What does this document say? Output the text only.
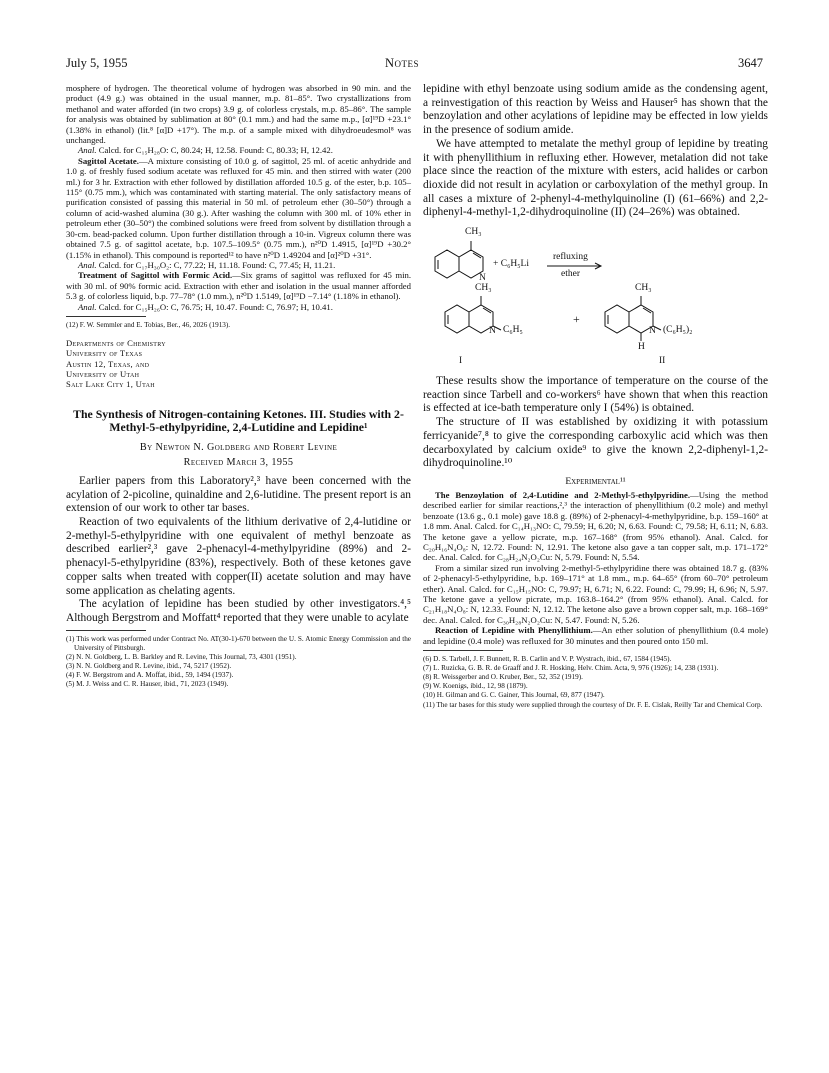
July 5, 1955	Notes	3647

mosphere of hydrogen. The theoretical volume of hydrogen was absorbed in 90 min. and the product (4.9 g.) was obtained in the usual manner, m.p. 81–85°. Two crystallizations from methanol and water afforded (in two crops) 3.9 g. of colorless crystals, m.p. 85–86°. The sample for analysis was obtained by sublimation at 80° (0.1 mm.) and had the same m.p., [α]¹⁹D +23.1° (1.38% in ethanol) (lit.⁸ [α]D +17°). The m.p. of a sample mixed with dihydroeudesmol⁸ was unchanged.

Anal. Calcd. for C₁₅H₂₈O: C, 80.24; H, 12.58. Found: C, 80.33; H, 12.42.

Sagittol Acetate.—A mixture consisting of 10.0 g. of sagittol, 25 ml. of acetic anhydride and 1.0 g. of freshly fused sodium acetate was refluxed for 45 min. and then stirred with water (200 ml.) for 3 hr. Extraction with ether followed by distillation afforded 10.5 g. of the ester, b.p. 105–115° (0.75 mm.), which was contaminated with starting material. The only satisfactory means of purification consisted of passing this material in 50 ml. of petroleum ether (30–50°) through a column of acid-washed alumina (30 g.). After washing the column with 300 ml. of 10% ether in petroleum ether (30–50°) the combined solutions were freed from solvent by distillation through a 30-cm. bead-packed column. Upon further distillation through a 10-in. Vigreux column there was obtained 7.5 g. of sagittol acetate, b.p. 107.5–109.5° (0.75 mm.), n²⁰D 1.4915, [α]¹⁹D +30.2° (1.15% in ethanol). This compound is reported¹² to have n²⁰D 1.49204 and [α]²⁰D +31°.

Anal. Calcd. for C₁₇H₃₀O₂: C, 77.22; H, 11.18. Found: C, 77.45; H, 11.21.

Treatment of Sagittol with Formic Acid.—Six grams of sagittol was refluxed for 45 min. with 30 ml. of 90% formic acid. Extraction with ether and isolation in the usual manner afforded 5.3 g. of colorless liquid, b.p. 77–78° (1.0 mm.), n²⁰D 1.5149, [α]¹⁹D −7.14° (1.18% in ethanol).

Anal. Calcd. for C₁₅H₂₆O: C, 76.75; H, 10.47. Found: C, 76.97; H, 10.41.

(12) F. W. Semmler and E. Tobias, Ber., 46, 2026 (1913).

Departments of Chemistry
University of Texas
Austin 12, Texas, and
University of Utah
Salt Lake City 1, Utah
The Synthesis of Nitrogen-containing Ketones. III. Studies with 2-Methyl-5-ethylpyridine, 2,4-Lutidine and Lepidine¹
By Newton N. Goldberg and Robert Levine
Received March 3, 1955

Earlier papers from this Laboratory²,³ have been concerned with the acylation of 2-picoline, quinaldine and 2,6-lutidine. The present report is an extension of our work to other tar bases.

Reaction of two equivalents of the lithium derivative of 2,4-lutidine or 2-methyl-5-ethylpyridine with one equivalent of methyl benzoate as described earlier²,³ gave 2-phenacyl-4-methylpyridine (89%) and 2-phenacyl-5-ethylpyridine (83%), respectively. Both of these ketones gave copper salts when treated with copper(II) acetate solution and may have some application as chelating agents.

The acylation of lepidine has been studied by other investigators.⁴,⁵ Although Bergstrom and Moffatt⁴ reported that they were unable to acylate

(1) This work was performed under Contract No. AT(30-1)-670 between the U. S. Atomic Energy Commission and the University of Pittsburgh.

(2) N. N. Goldberg, L. B. Barkley and R. Levine, This Journal, 73, 4301 (1951).

(3) N. N. Goldberg and R. Levine, ibid., 74, 5217 (1952).

(4) F. W. Bergstrom and A. Moffat, ibid., 59, 1494 (1937).

(5) M. J. Weiss and C. R. Hauser, ibid., 71, 2023 (1949).

lepidine with ethyl benzoate using sodium amide as the condensing agent, a reinvestigation of this reaction by Weiss and Hauser⁵ has shown that the benzoylation and other acylations of lepidine may be effected in low yields in the presence of sodium amide.

We have attempted to metalate the methyl group of lepidine by treating it with phenyllithium in refluxing ether. However, metalation did not take place since the reaction of the mixture with esters, acid halides or carbon dioxide did not result in acylation or carboxylation of the methyl group. In all cases a mixture of 2-phenyl-4-methylquinoline (I) (61–66%) and 2,2-diphenyl-4-methyl-1,2-dihydroquinoline (II) (24–26%) was obtained.

CH₃
N
+ C₆H₅Li
refluxing
ether
CH₃
N C₆H₅
+
CH₃
N (C₆H₅)₂
H
I	II

These results show the importance of temperature on the course of the reaction since Tarbell and co-workers⁶ have shown that when this reaction is effected at ice-bath temperature only I (54%) is obtained.

The structure of II was established by oxidizing it with potassium ferricyanide⁷,⁸ to give the corresponding carboxylic acid which was then decarboxylated by calcium oxide⁹ to give the known 2,2-diphenyl-1,2-dihydroquinoline.¹⁰

Experimental¹¹

The Benzoylation of 2,4-Lutidine and 2-Methyl-5-ethylpyridine.—Using the method described earlier for similar reactions,²,³ the interaction of phenyllithium (0.2 mole) and methyl benzoate (13.6 g., 0.1 mole) gave 18.8 g. (89%) of 2-phenacyl-4-methylpyridine, b.p. 159–160° at 1.8 mm. Anal. Calcd. for C₁₄H₁₃NO: C, 79.59; H, 6.20; N, 6.63. Found: C, 79.58; H, 6.11; N, 6.83. The ketone gave a yellow picrate, m.p. 167–168° (from 95% ethanol). Anal. Calcd. for C₂₀H₁₆N₄O₈: N, 12.72. Found: N, 12.91. The ketone also gave a tan copper salt, m.p. 171–172° dec. Anal. Calcd. for C₂₈H₂₄N₂O₂Cu: N, 5.79. Found: N, 5.54.

From a similar sized run involving 2-methyl-5-ethylpyridine there was obtained 18.7 g. (83% of 2-phenacyl-5-ethylpyridine, b.p. 169–171° at 1.8 mm., m.p. 64–65° (from 60–70° petroleum ether). Anal. Calcd. for C₁₅H₁₅NO: C, 79.97; H, 6.71; N, 6.22. Found: C, 79.99; H, 6.96; N, 5.97. The ketone gave a yellow picrate, m.p. 163.8–164.2° (from 95% ethanol). Anal. Calcd. for C₂₁H₁₈N₄O₈: N, 12.33. Found: N, 12.12. The ketone also gave a brown copper salt, m.p. 168–169° dec. Anal. Calcd. for C₃₀H₂₈N₂O₂Cu: N, 5.47. Found: N, 5.26.

Reaction of Lepidine with Phenyllithium.—An ether solution of phenyllithium (0.4 mole) and lepidine (0.4 mole) was refluxed for 30 minutes and then poured onto 150 ml.

(6) D. S. Tarbell, J. F. Bunnett, R. B. Carlin and V. P. Wystrach, ibid., 67, 1584 (1945).

(7) L. Ruzicka, G. B. R. de Graaff and J. R. Hosking, Helv. Chim. Acta, 9, 976 (1926); 14, 238 (1931).

(8) R. Weissgerber and O. Kruber, Ber., 52, 352 (1919).

(9) W. Koenigs, ibid., 12, 98 (1879).

(10) H. Gilman and G. C. Gainer, This Journal, 69, 877 (1947).

(11) The tar bases for this study were supplied through the courtesy of Dr. F. E. Cislak, Reilly Tar and Chemical Corp.
